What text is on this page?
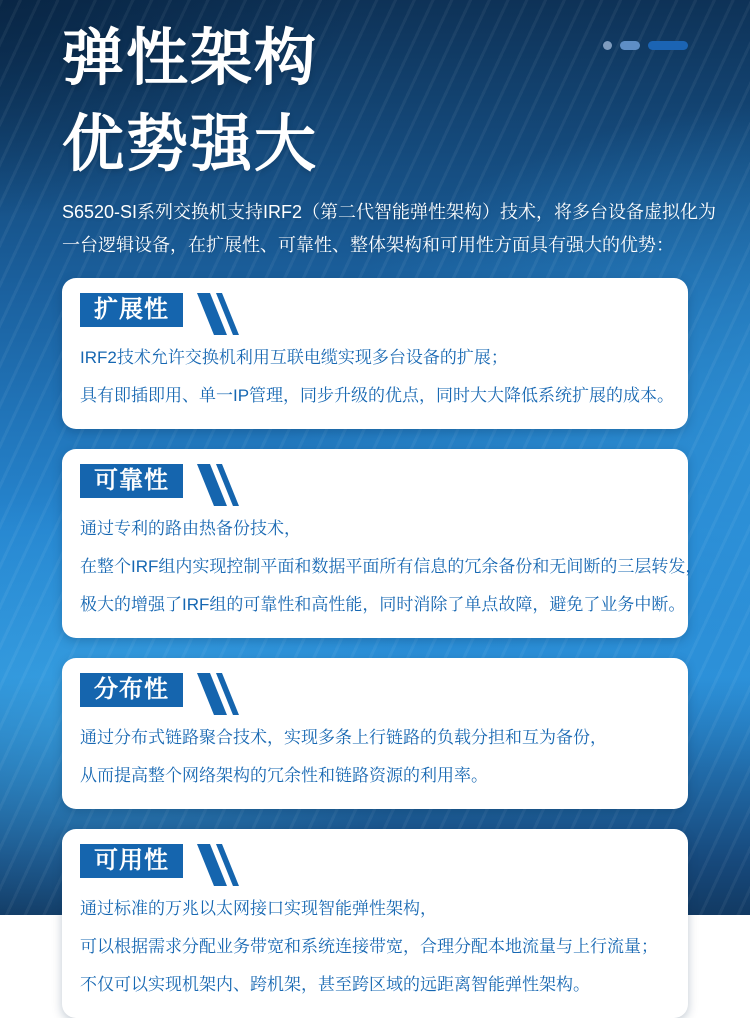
弹性架构
优势强大
S6520-SI系列交换机支持IRF2（第二代智能弹性架构）技术，将多台设备虚拟化为
一台逻辑设备，在扩展性、可靠性、整体架构和可用性方面具有强大的优势：
扩展性
IRF2技术允许交换机利用互联电缆实现多台设备的扩展；
具有即插即用、单一IP管理，同步升级的优点，同时大大降低系统扩展的成本。
可靠性
通过专利的路由热备份技术，
在整个IRF组内实现控制平面和数据平面所有信息的冗余备份和无间断的三层转发，
极大的增强了IRF组的可靠性和高性能，同时消除了单点故障，避免了业务中断。
分布性
通过分布式链路聚合技术，实现多条上行链路的负载分担和互为备份，
从而提高整个网络架构的冗余性和链路资源的利用率。
可用性
通过标准的万兆以太网接口实现智能弹性架构，
可以根据需求分配业务带宽和系统连接带宽，合理分配本地流量与上行流量；
不仅可以实现机架内、跨机架，甚至跨区域的远距离智能弹性架构。
